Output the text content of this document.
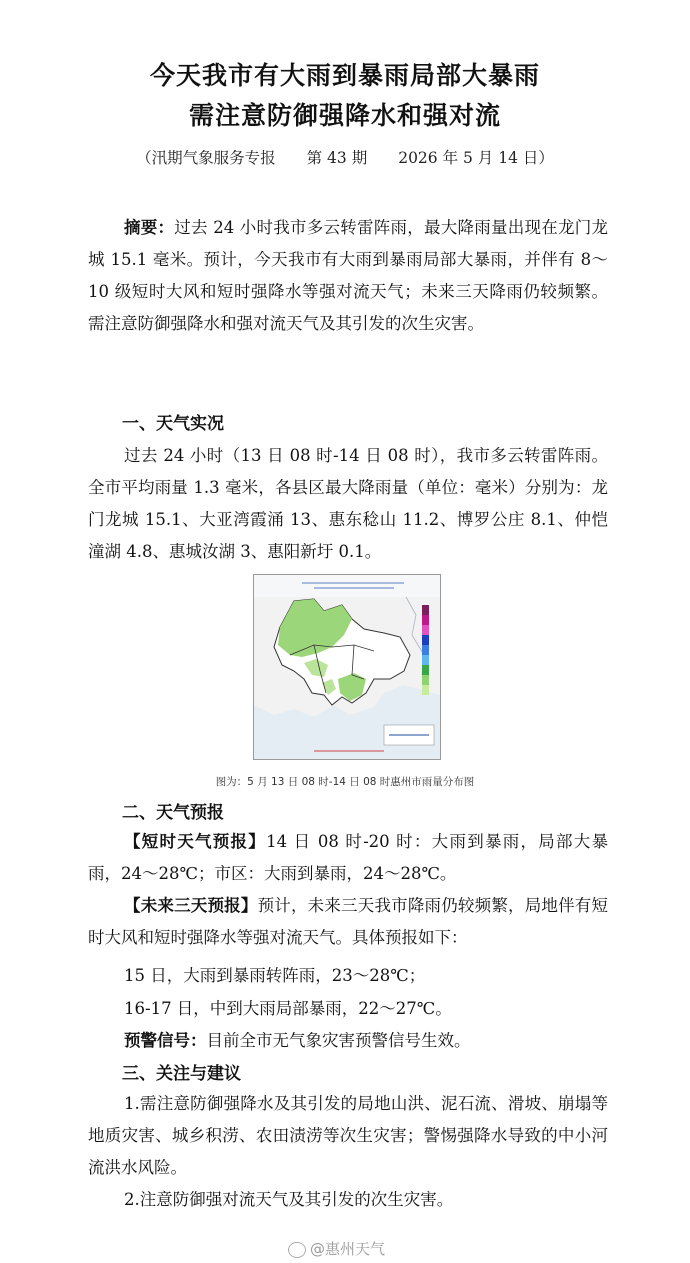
今天我市有大雨到暴雨局部大暴雨
需注意防御强降水和强对流
（汛期气象服务专报　　第 43 期　　2026 年 5 月 14 日）
摘要：过去 24 小时我市多云转雷阵雨，最大降雨量出现在龙门龙城 15.1 毫米。预计，今天我市有大雨到暴雨局部大暴雨，并伴有 8～10 级短时大风和短时强降水等强对流天气；未来三天降雨仍较频繁。需注意防御强降水和强对流天气及其引发的次生灾害。
一、天气实况
过去 24 小时（13 日 08 时-14 日 08 时），我市多云转雷阵雨。全市平均雨量 1.3 毫米，各县区最大降雨量（单位：毫米）分别为：龙门龙城 15.1、大亚湾霞涌 13、惠东稔山 11.2、博罗公庄 8.1、仲恺潼湖 4.8、惠城汝湖 3、惠阳新圩 0.1。
图为：5 月 13 日 08 时-14 日 08 时惠州市雨量分布图
二、天气预报
【短时天气预报】14 日 08 时-20 时：大雨到暴雨，局部大暴雨，24～28℃；市区：大雨到暴雨，24～28℃。
【未来三天预报】预计，未来三天我市降雨仍较频繁，局地伴有短时大风和短时强降水等强对流天气。具体预报如下：
15 日，大雨到暴雨转阵雨，23～28℃；
16-17 日，中到大雨局部暴雨，22～27℃。
预警信号：目前全市无气象灾害预警信号生效。
三、关注与建议
1.需注意防御强降水及其引发的局地山洪、泥石流、滑坡、崩塌等地质灾害、城乡积涝、农田渍涝等次生灾害；警惕强降水导致的中小河流洪水风险。
2.注意防御强对流天气及其引发的次生灾害。
@惠州天气
